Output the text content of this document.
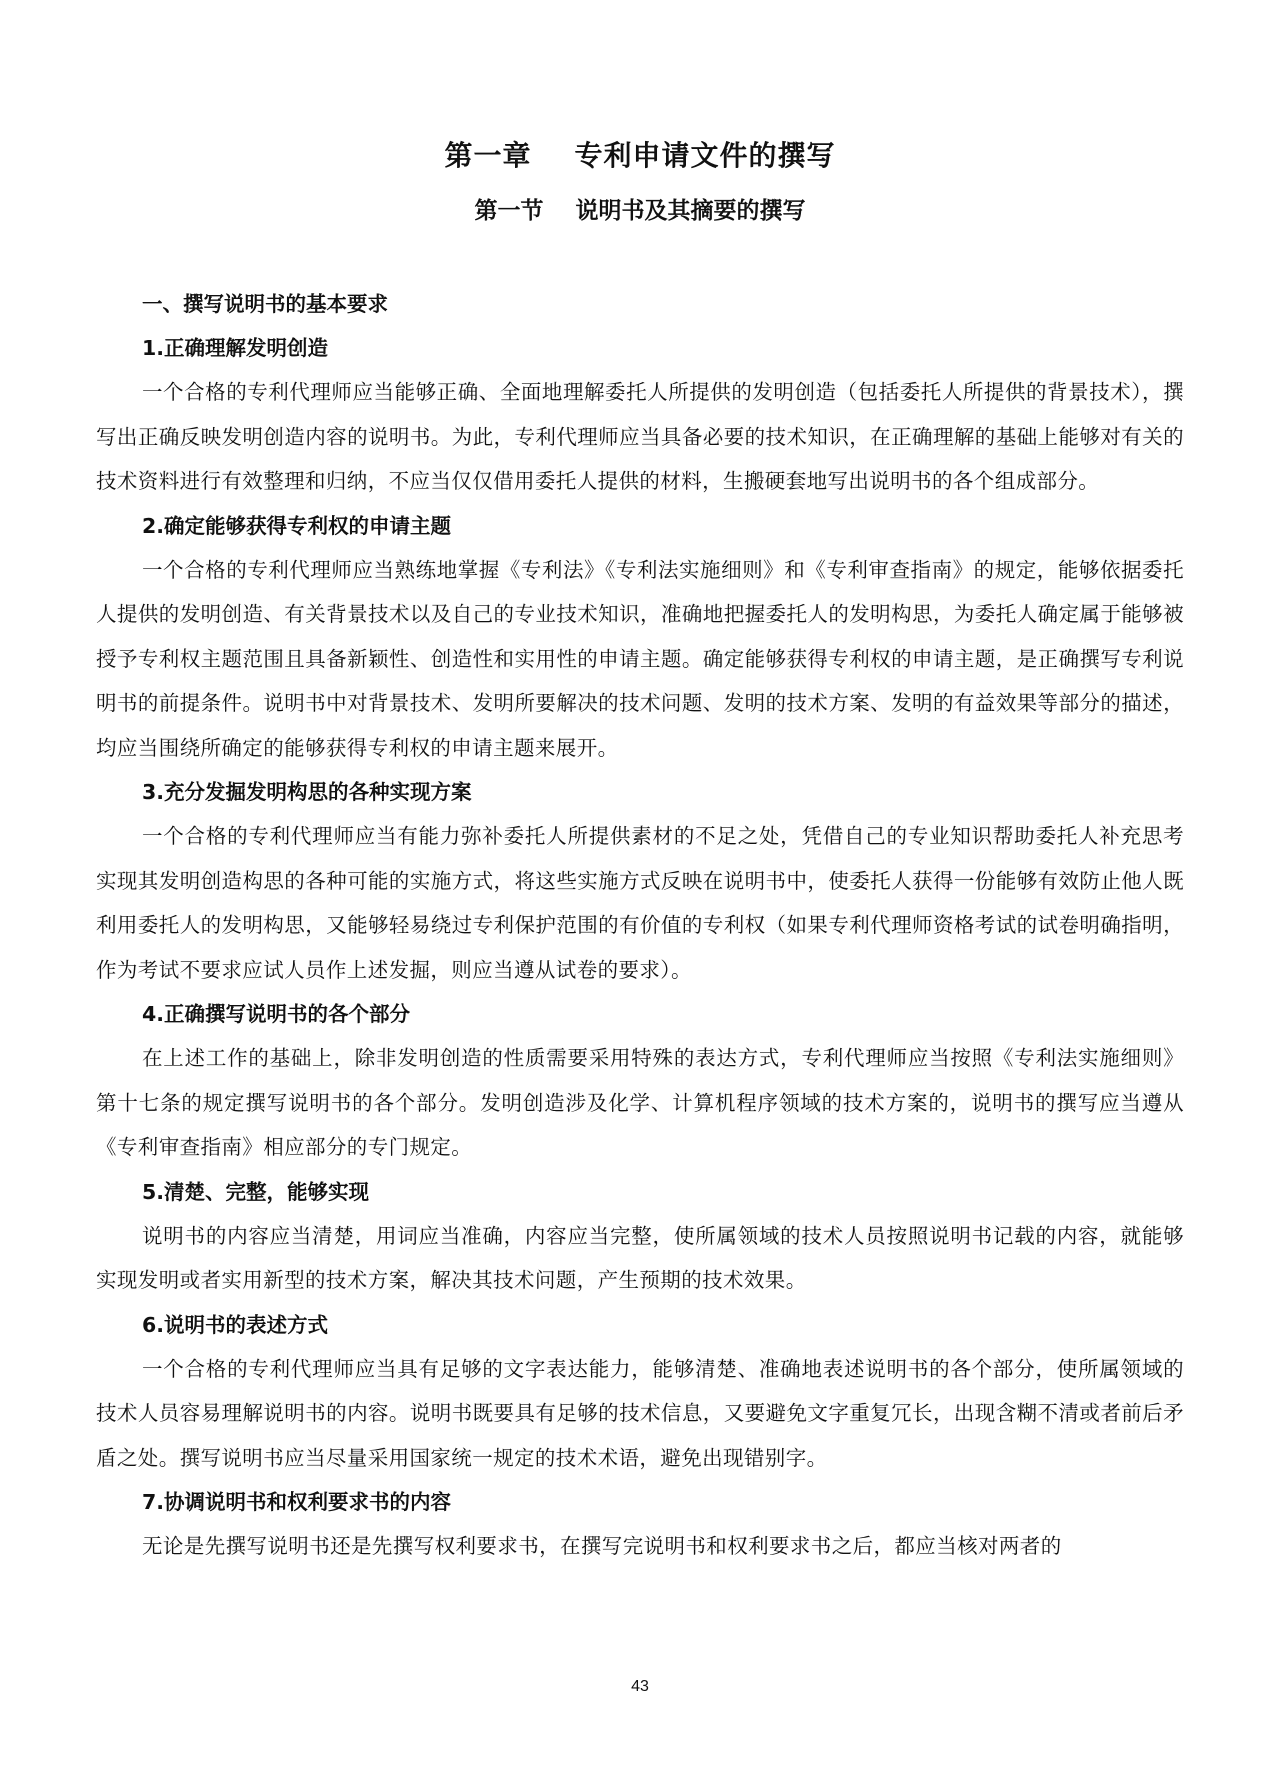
第一章    专利申请文件的撰写
第一节    说明书及其摘要的撰写
一、撰写说明书的基本要求
1.正确理解发明创造

一个合格的专利代理师应当能够正确、全面地理解委托人所提供的发明创造（包括委托人所提供的背景技术），撰写出正确反映发明创造内容的说明书。为此，专利代理师应当具备必要的技术知识，在正确理解的基础上能够对有关的技术资料进行有效整理和归纳，不应当仅仅借用委托人提供的材料，生搬硬套地写出说明书的各个组成部分。

2.确定能够获得专利权的申请主题

一个合格的专利代理师应当熟练地掌握《专利法》《专利法实施细则》和《专利审查指南》的规定，能够依据委托人提供的发明创造、有关背景技术以及自己的专业技术知识，准确地把握委托人的发明构思，为委托人确定属于能够被授予专利权主题范围且具备新颖性、创造性和实用性的申请主题。确定能够获得专利权的申请主题，是正确撰写专利说明书的前提条件。说明书中对背景技术、发明所要解决的技术问题、发明的技术方案、发明的有益效果等部分的描述，均应当围绕所确定的能够获得专利权的申请主题来展开。

3.充分发掘发明构思的各种实现方案

一个合格的专利代理师应当有能力弥补委托人所提供素材的不足之处，凭借自己的专业知识帮助委托人补充思考实现其发明创造构思的各种可能的实施方式，将这些实施方式反映在说明书中，使委托人获得一份能够有效防止他人既利用委托人的发明构思，又能够轻易绕过专利保护范围的有价值的专利权（如果专利代理师资格考试的试卷明确指明，作为考试不要求应试人员作上述发掘，则应当遵从试卷的要求）。

4.正确撰写说明书的各个部分

在上述工作的基础上，除非发明创造的性质需要采用特殊的表达方式，专利代理师应当按照《专利法实施细则》第十七条的规定撰写说明书的各个部分。发明创造涉及化学、计算机程序领域的技术方案的，说明书的撰写应当遵从《专利审查指南》相应部分的专门规定。

5.清楚、完整，能够实现

说明书的内容应当清楚，用词应当准确，内容应当完整，使所属领域的技术人员按照说明书记载的内容，就能够实现发明或者实用新型的技术方案，解决其技术问题，产生预期的技术效果。

6.说明书的表述方式

一个合格的专利代理师应当具有足够的文字表达能力，能够清楚、准确地表述说明书的各个部分，使所属领域的技术人员容易理解说明书的内容。说明书既要具有足够的技术信息，又要避免文字重复冗长，出现含糊不清或者前后矛盾之处。撰写说明书应当尽量采用国家统一规定的技术术语，避免出现错别字。

7.协调说明书和权利要求书的内容

无论是先撰写说明书还是先撰写权利要求书，在撰写完说明书和权利要求书之后，都应当核对两者的

43
